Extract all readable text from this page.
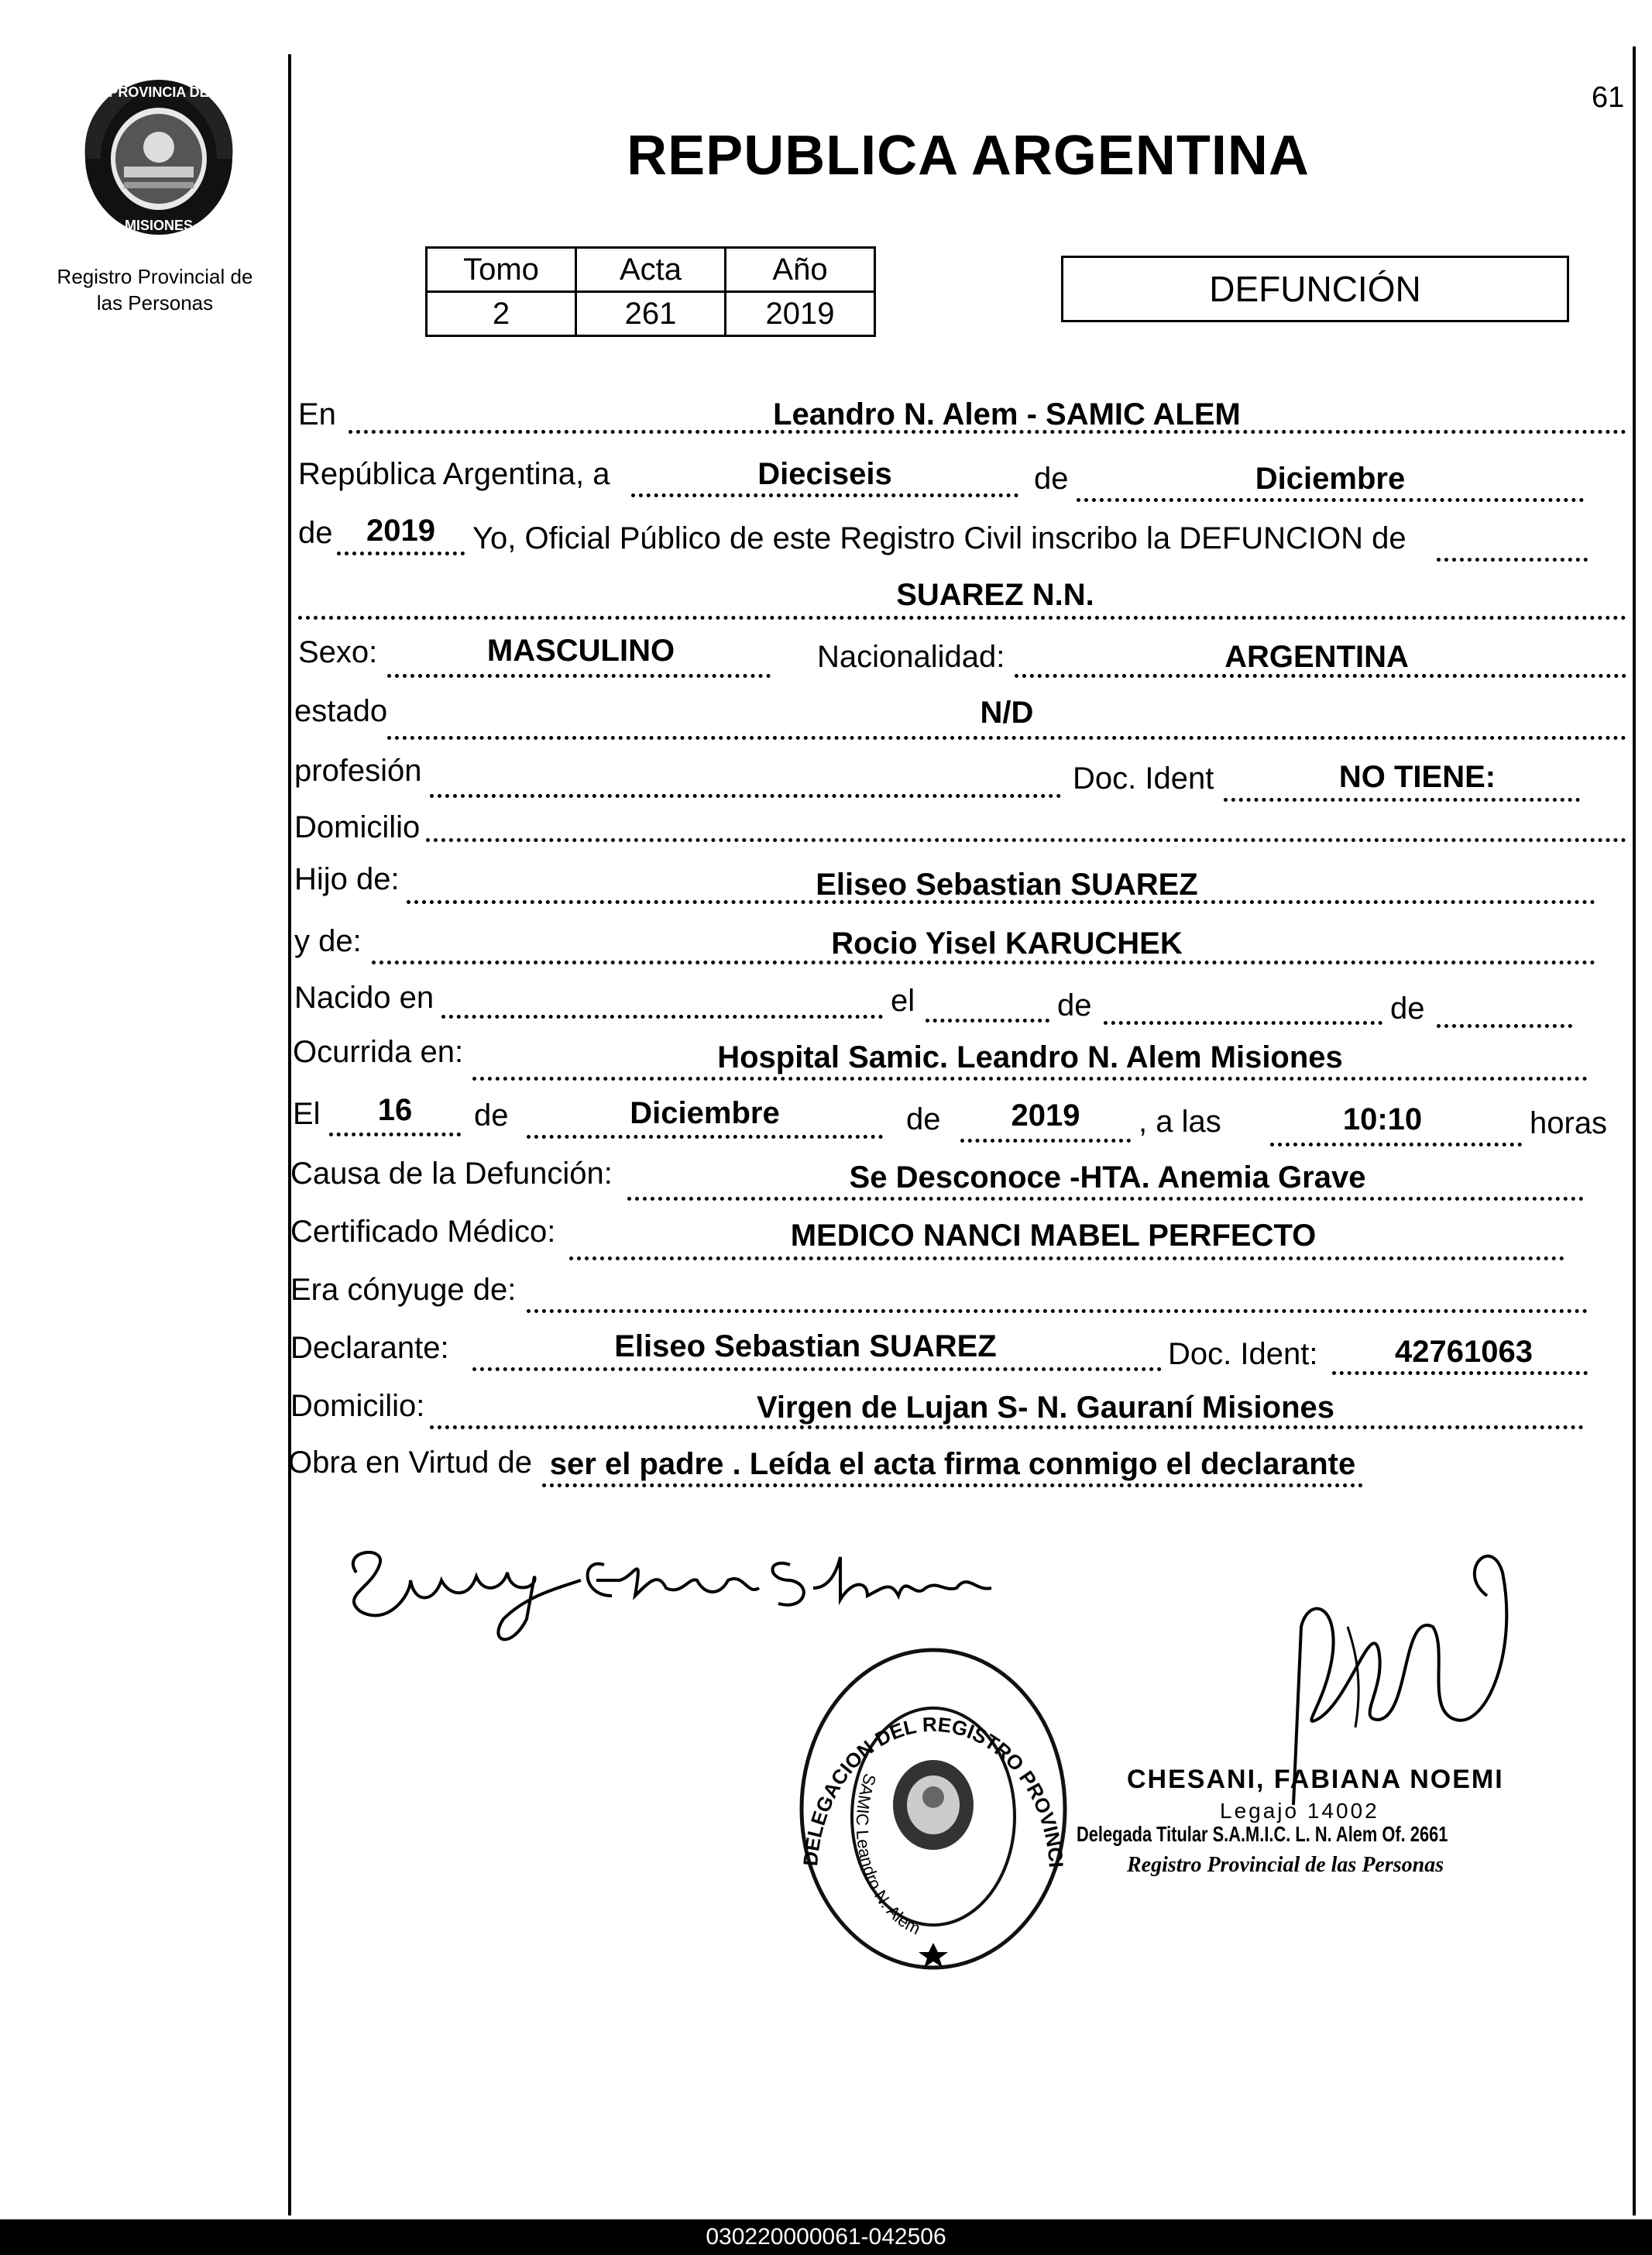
PROVINCIA DE
MISIONES
Registro Provincial de
las Personas
61
REPUBLICA ARGENTINA
Tomo	Acta	Año
2	261	2019
DEFUNCIÓN
En	Leandro N. Alem - SAMIC ALEM
República Argentina, a	Dieciseis	de	Diciembre
de	2019	Yo, Oficial Público de este Registro Civil inscribo la DEFUNCION de
SUAREZ N.N.
Sexo:	MASCULINO	Nacionalidad:	ARGENTINA
estado	N/D
profesión	Doc. Ident	NO TIENE:
Domicilio
Hijo de:	Eliseo Sebastian SUAREZ
y de:	Rocio Yisel KARUCHEK
Nacido en	el	de	de
Ocurrida en:	Hospital Samic. Leandro N. Alem Misiones
El	16	de	Diciembre	de	2019	, a las	10:10	horas
Causa de la Defunción:	Se Desconoce -HTA. Anemia Grave
Certificado Médico:	MEDICO NANCI MABEL PERFECTO
Era cónyuge de:
Declarante:	Eliseo Sebastian SUAREZ	Doc. Ident:	42761063
Domicilio:	Virgen de Lujan S- N. Gauraní Misiones
Obra en Virtud de ser el padre . Leída el acta firma conmigo el declarante
DELEGACION DEL REGISTRO PROVINCI
SAMIC Leandro N. Alem
CHESANI, FABIANA NOEMI
Legajo 14002
Delegada Titular S.A.M.I.C. L. N. Alem Of. 2661
Registro Provincial de las Personas
030220000061-042506
